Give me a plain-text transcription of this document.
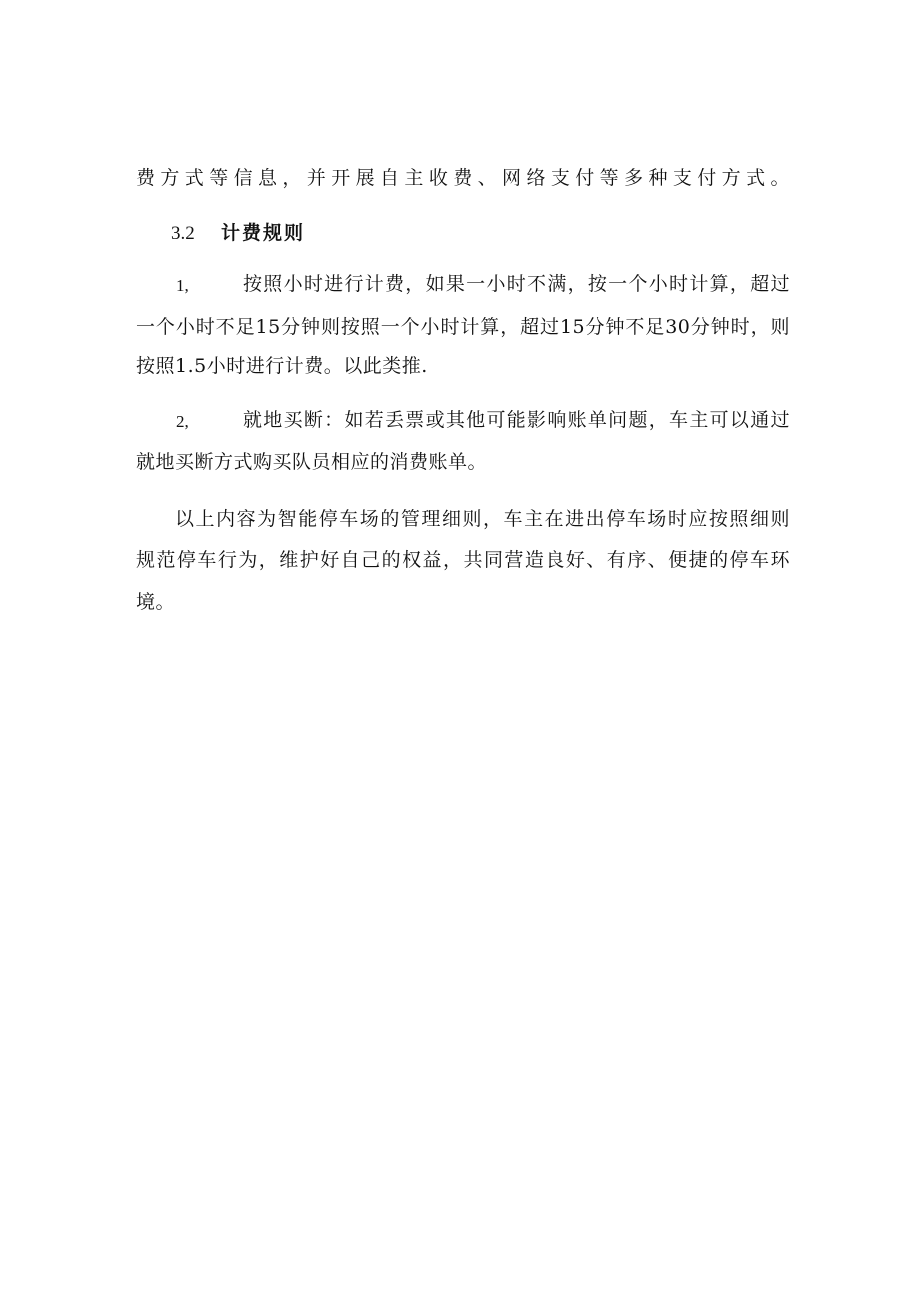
费方式等信息，并开展自主收费、网络支付等多种支付方式。
3.2 计费规则
1,	按照小时进行计费，如果一小时不满，按一个小时计算，超过
一个小时不足15分钟则按照一个小时计算，超过15分钟不足30分钟时，则
按照1.5小时进行计费。以此类推.
2,	就地买断：如若丢票或其他可能影响账单问题，车主可以通过
就地买断方式购买队员相应的消费账单。
以上内容为智能停车场的管理细则，车主在进出停车场时应按照细则
规范停车行为，维护好自己的权益，共同营造良好、有序、便捷的停车环
境。
